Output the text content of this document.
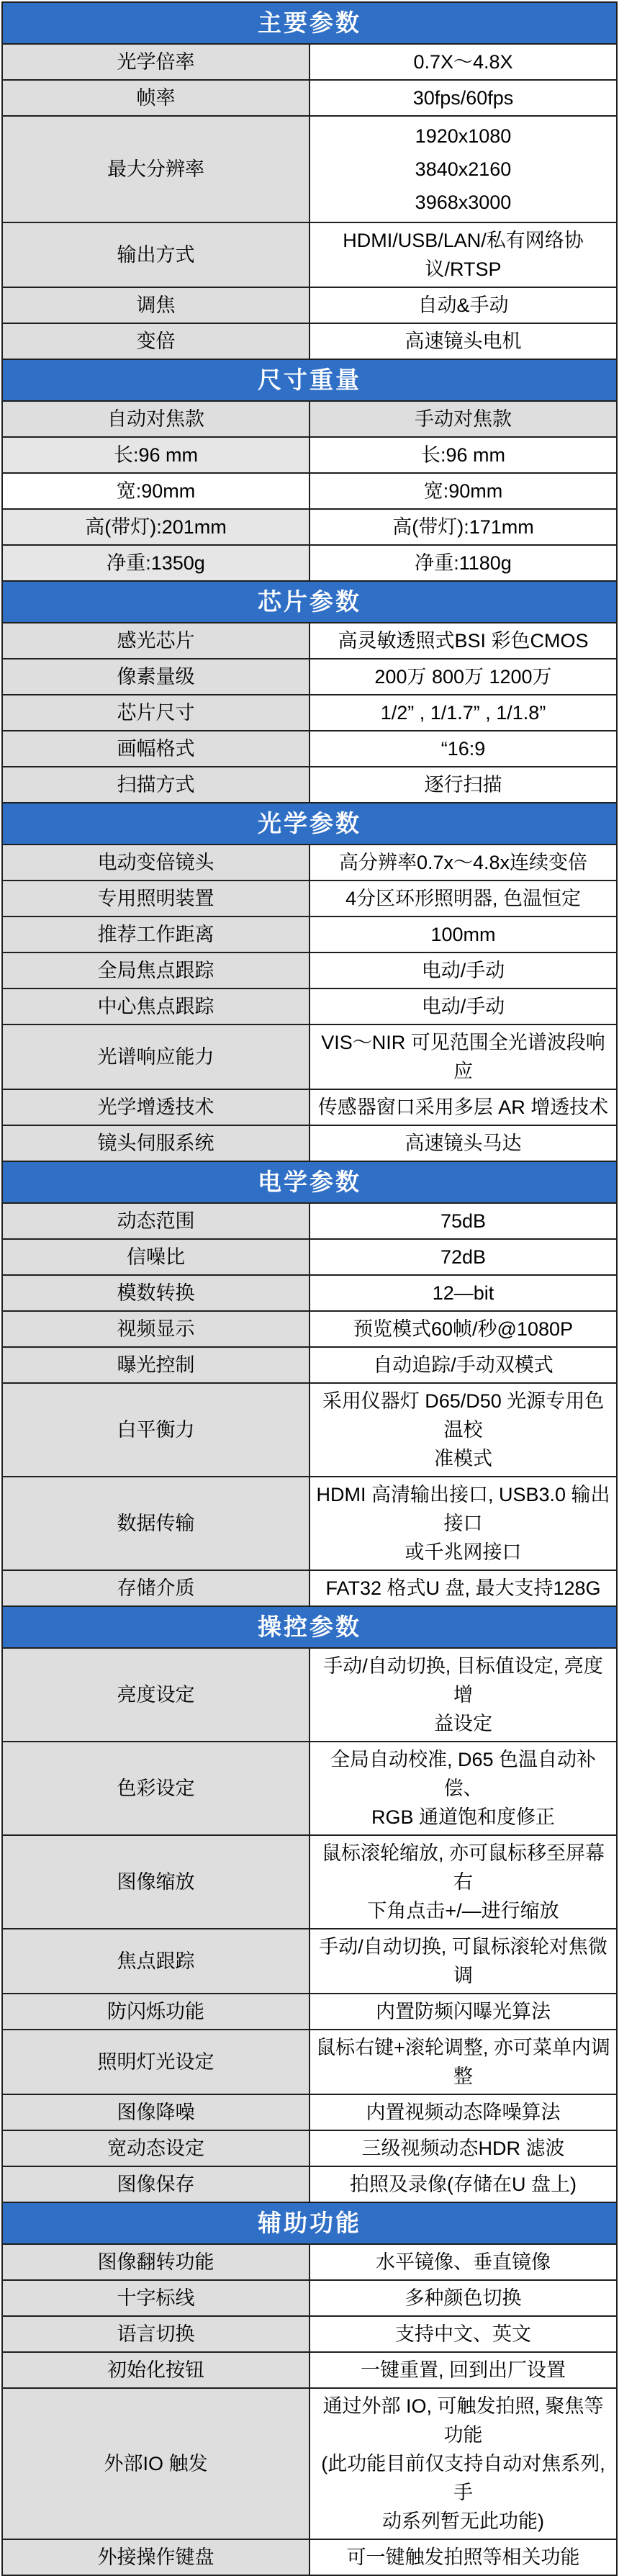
主要参数	
光学倍率	0.7X～4.8X
帧率	30fps/60fps
最大分辨率	1920x1080
3840x2160
3968x3000

输出方式	HDMI/USB/LAN/私有网络协议/RTSP
调焦	自动&手动
变倍	高速镜头电机
尺寸重量	
自动对焦款	手动对焦款
长:96 mm	长:96 mm
宽:90mm	宽:90mm
高(带灯):201mm	高(带灯):171mm
净重:1350g	净重:1180g
芯片参数	
感光芯片	高灵敏透照式BSI 彩色CMOS
像素量级	200万 800万 1200万
芯片尺寸	1/2” , 1/1.7” , 1/1.8”
画幅格式	“16:9
扫描方式	逐行扫描
光学参数	
电动变倍镜头	高分辨率0.7x～4.8x连续变倍
专用照明装置	4分区环形照明器, 色温恒定
推荐工作距离	100mm
全局焦点跟踪	电动/手动
中心焦点跟踪	电动/手动
光谱响应能力	VIS～NIR 可见范围全光谱波段响应
光学增透技术	传感器窗口采用多层 AR 增透技术
镜头伺服系统	高速镜头马达
电学参数	
动态范围	75dB
信噪比	72dB
模数转换	12—bit
视频显示	预览模式60帧/秒@1080P
曝光控制	自动追踪/手动双模式
白平衡力	采用仪器灯 D65/D50 光源专用色温校
准模式

数据传输	HDMI 高清输出接口, USB3.0 输出接口
或千兆网接口

存储介质	FAT32 格式U 盘, 最大支持128G
操控参数	
亮度设定	手动/自动切换, 目标值设定, 亮度增
益设定

色彩设定	全局自动校准, D65 色温自动补偿、
RGB 通道饱和度修正

图像缩放	鼠标滚轮缩放, 亦可鼠标移至屏幕右
下角点击+/—进行缩放

焦点跟踪	手动/自动切换, 可鼠标滚轮对焦微调
防闪烁功能	内置防频闪曝光算法
照明灯光设定	鼠标右键+滚轮调整, 亦可菜单内调整
图像降噪	内置视频动态降噪算法
宽动态设定	三级视频动态HDR 滤波
图像保存	拍照及录像(存储在U 盘上)
辅助功能	
图像翻转功能	水平镜像、垂直镜像
十字标线	多种颜色切换
语言切换	支持中文、英文
初始化按钮	一键重置, 回到出厂设置
外部IO 触发	通过外部 IO, 可触发拍照, 聚焦等功能
(此功能目前仅支持自动对焦系列, 手
动系列暂无此功能)

外接操作键盘	可一键触发拍照等相关功能
